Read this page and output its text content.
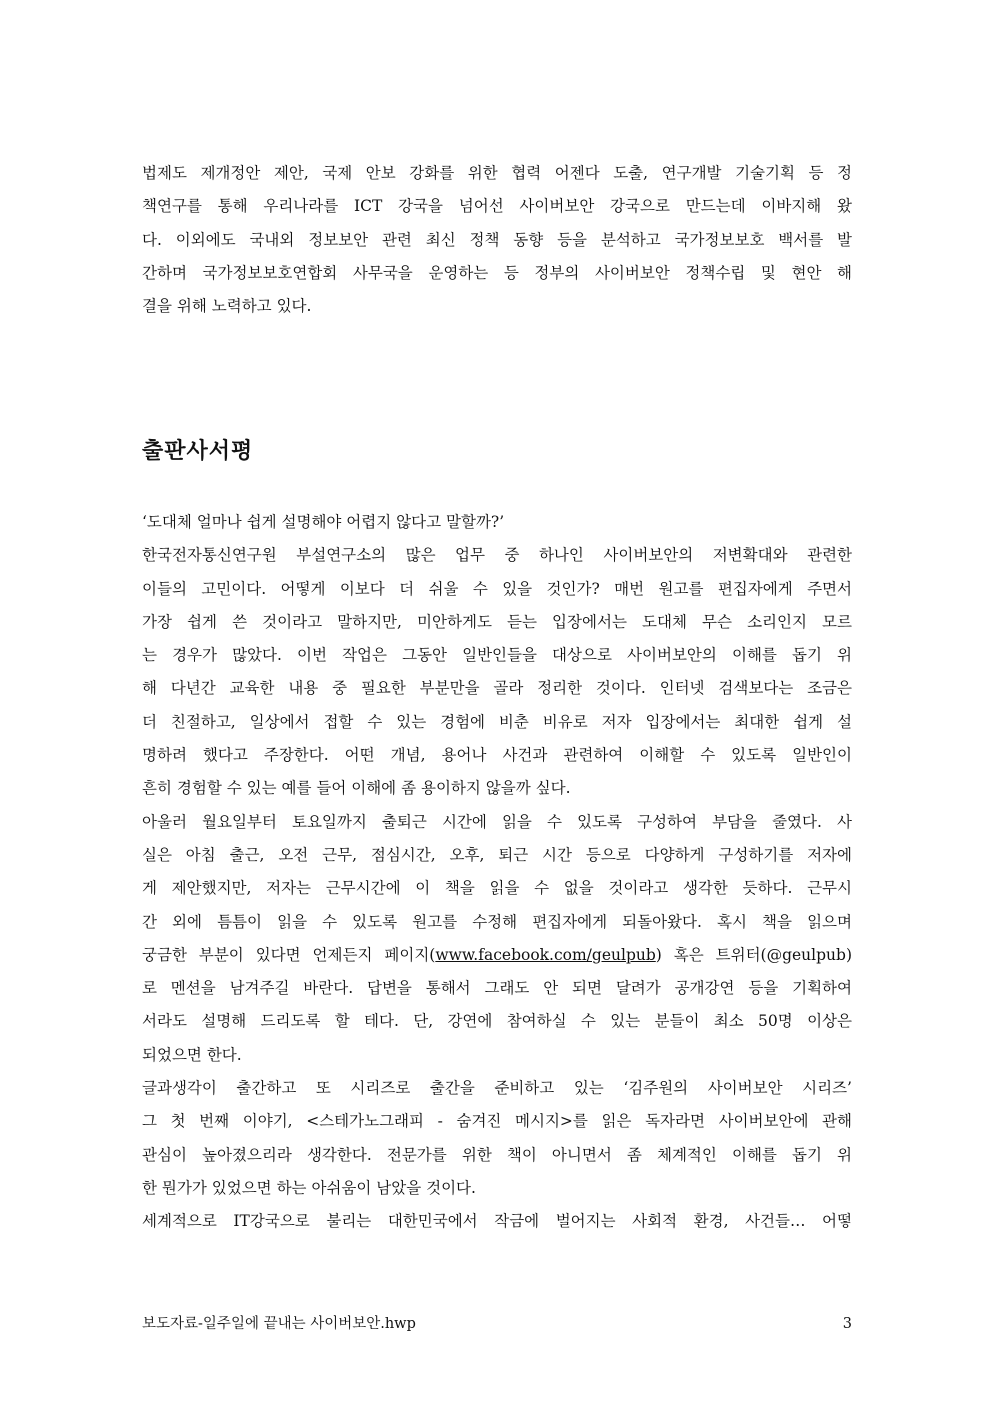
법제도 제개정안 제안, 국제 안보 강화를 위한 협력 어젠다 도출, 연구개발 기술기획 등 정
책연구를 통해 우리나라를 ICT 강국을 넘어선 사이버보안 강국으로 만드는데 이바지해 왔
다. 이외에도 국내외 정보보안 관련 최신 정책 동향 등을 분석하고 국가정보보호 백서를 발
간하며 국가정보보호연합회 사무국을 운영하는 등 정부의 사이버보안 정책수립 및 현안 해
결을 위해 노력하고 있다.
출판사서평
‘도대체 얼마나 쉽게 설명해야 어렵지 않다고 말할까?’
한국전자통신연구원 부설연구소의 많은 업무 중 하나인 사이버보안의 저변확대와 관련한
이들의 고민이다. 어떻게 이보다 더 쉬울 수 있을 것인가? 매번 원고를 편집자에게 주면서
가장 쉽게 쓴 것이라고 말하지만, 미안하게도 듣는 입장에서는 도대체 무슨 소리인지 모르
는 경우가 많았다. 이번 작업은 그동안 일반인들을 대상으로 사이버보안의 이해를 돕기 위
해 다년간 교육한 내용 중 필요한 부분만을 골라 정리한 것이다. 인터넷 검색보다는 조금은
더 친절하고, 일상에서 접할 수 있는 경험에 비춘 비유로 저자 입장에서는 최대한 쉽게 설
명하려 했다고 주장한다. 어떤 개념, 용어나 사건과 관련하여 이해할 수 있도록 일반인이
흔히 경험할 수 있는 예를 들어 이해에 좀 용이하지 않을까 싶다.
아울러 월요일부터 토요일까지 출퇴근 시간에 읽을 수 있도록 구성하여 부담을 줄였다. 사
실은 아침 출근, 오전 근무, 점심시간, 오후, 퇴근 시간 등으로 다양하게 구성하기를 저자에
게 제안했지만, 저자는 근무시간에 이 책을 읽을 수 없을 것이라고 생각한 듯하다. 근무시
간 외에 틈틈이 읽을 수 있도록 원고를 수정해 편집자에게 되돌아왔다. 혹시 책을 읽으며
궁금한 부분이 있다면 언제든지 페이지(www.facebook.com/geulpub) 혹은 트위터(@geulpub)
로 멘션을 남겨주길 바란다. 답변을 통해서 그래도 안 되면 달려가 공개강연 등을 기획하여
서라도 설명해 드리도록 할 테다. 단, 강연에 참여하실 수 있는 분들이 최소 50명 이상은
되었으면 한다.
글과생각이 출간하고 또 시리즈로 출간을 준비하고 있는 ‘김주원의 사이버보안 시리즈’
그 첫 번째 이야기, <스테가노그래피 - 숨겨진 메시지>를 읽은 독자라면 사이버보안에 관해
관심이 높아졌으리라 생각한다. 전문가를 위한 책이 아니면서 좀 체계적인 이해를 돕기 위
한 뭔가가 있었으면 하는 아쉬움이 남았을 것이다.
세계적으로 IT강국으로 불리는 대한민국에서 작금에 벌어지는 사회적 환경, 사건들… 어떻
보도자료-일주일에 끝내는 사이버보안.hwp	3
